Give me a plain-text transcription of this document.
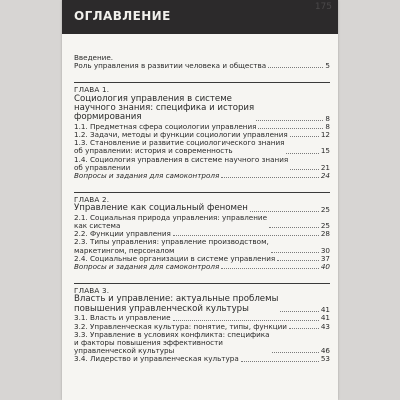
ОГЛАВЛЕНИЕ
175
Введение.
Роль управления в развитии человека и общества	5
ГЛАВА 1.
Социология управления в системе
научного знания: специфика и история
формирования	8
1.1. Предметная сфера социологии управления	8
1.2. Задачи, методы и функции социологии управления	12
1.3. Становление и развитие социологического знания
об управлении: история и современность	15
1.4. Социология управления в системе научного знания
об управлении	21
Вопросы и задания для самоконтроля	24
ГЛАВА 2.
Управление как социальный феномен	25
2.1. Социальная природа управления: управление
как система	25
2.2. Функции управления	28
2.3. Типы управления: управление производством,
маркетингом, персоналом	30
2.4. Социальные организации в системе управления	37
Вопросы и задания для самоконтроля	40
ГЛАВА 3.
Власть и управление: актуальные проблемы
повышения управленческой культуры	41
3.1. Власть и управление	41
3.2. Управленческая культура: понятие, типы, функции	43
3.3. Управление в условиях конфликта: специфика
и факторы повышения эффективности
управленческой культуры	46
3.4. Лидерство и управленческая культура	53
